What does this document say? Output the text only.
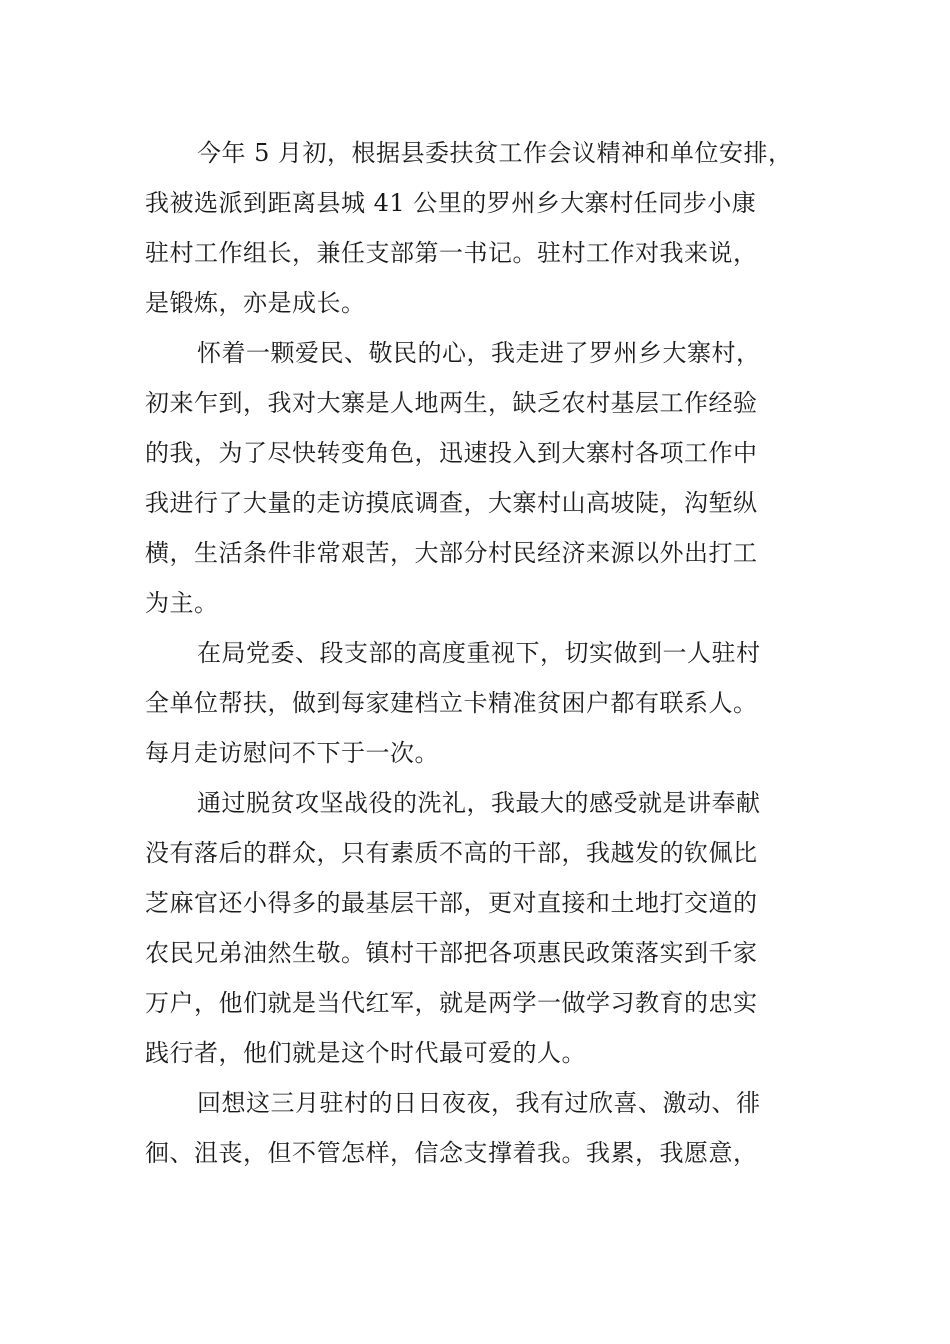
今年 5 月初，根据县委扶贫工作会议精神和单位安排，
我被选派到距离县城 41 公里的罗州乡大寨村任同步小康
驻村工作组长，兼任支部第一书记。驻村工作对我来说，
是锻炼，亦是成长。
怀着一颗爱民、敬民的心，我走进了罗州乡大寨村，
初来乍到，我对大寨是人地两生，缺乏农村基层工作经验
的我，为了尽快转变角色，迅速投入到大寨村各项工作中
我进行了大量的走访摸底调查，大寨村山高坡陡，沟堑纵
横，生活条件非常艰苦，大部分村民经济来源以外出打工
为主。
在局党委、段支部的高度重视下，切实做到一人驻村
全单位帮扶，做到每家建档立卡精准贫困户都有联系人。
每月走访慰问不下于一次。
通过脱贫攻坚战役的洗礼，我最大的感受就是讲奉献
没有落后的群众，只有素质不高的干部，我越发的钦佩比
芝麻官还小得多的最基层干部，更对直接和土地打交道的
农民兄弟油然生敬。镇村干部把各项惠民政策落实到千家
万户，他们就是当代红军，就是两学一做学习教育的忠实
践行者，他们就是这个时代最可爱的人。
回想这三月驻村的日日夜夜，我有过欣喜、激动、徘
徊、沮丧，但不管怎样，信念支撑着我。我累，我愿意，
